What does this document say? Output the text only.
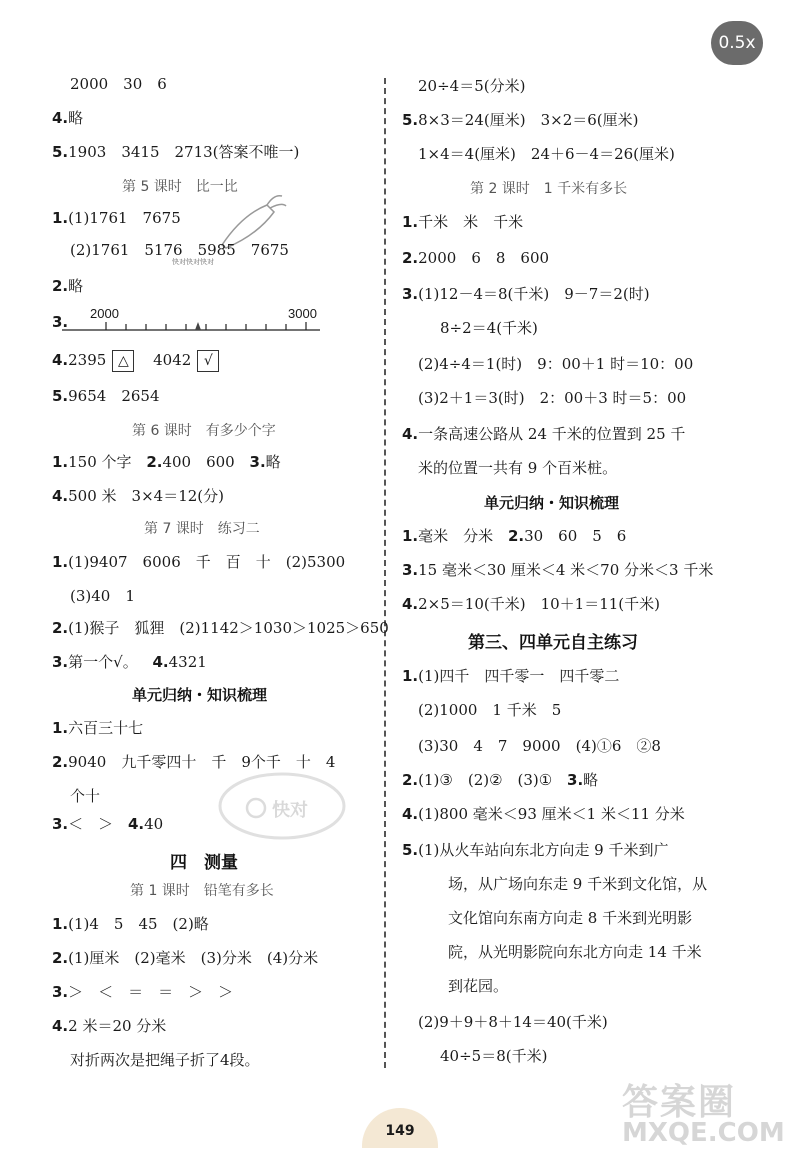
0.5x
2000　30　6
4.略
5.1903　3415　2713(答案不唯一)
第 5 课时　比一比
1.(1)1761　7675
(2)1761　5176　5985　7675
快对快对快对
2.略
3. 2000	3000
4.2395 △ 4042 √
5.9654　2654
第 6 课时　有多少个字
1.150 个字 2.400　600 3.略
4.500 米　3×4＝12(分)
第 7 课时　练习二
1.(1)9407　6006　千　百　十　(2)5300
(3)40　1
2.(1)猴子　狐狸　(2)1142＞1030＞1025＞650
3.第一个√。 4.4321
单元归纳・知识梳理
1.六百三十七
2.9040　九千零四十　千　9个千　十　4
个十
快对
3.＜　＞ 4.40
四　测量
第 1 课时　铅笔有多长
1.(1)4　5　45　(2)略
2.(1)厘米　(2)毫米　(3)分米　(4)分米
3.＞　＜　＝　＝　＞　＞
4.2 米＝20 分米
对折两次是把绳子折了4段。
20÷4＝5(分米)
5.8×3＝24(厘米)　3×2＝6(厘米)
1×4＝4(厘米)　24＋6－4＝26(厘米)
第 2 课时　1 千米有多长
1.千米　米　千米
2.2000　6　8　600
3.(1)12－4＝8(千米)　9－7＝2(时)
8÷2＝4(千米)
(2)4÷4＝1(时)　9：00＋1 时＝10：00
(3)2＋1＝3(时)　2：00＋3 时＝5：00
4.一条高速公路从 24 千米的位置到 25 千
米的位置一共有 9 个百米桩。
单元归纳・知识梳理
1.毫米　分米 2.30　60　5　6
3.15 毫米＜30 厘米＜4 米＜70 分米＜3 千米
4.2×5＝10(千米)　10＋1＝11(千米)
第三、四单元自主练习
1.(1)四千　四千零一　四千零二
(2)1000　1 千米　5
(3)30　4　7　9000　(4)①6　②8
2.(1)③　(2)②　(3)① 3.略
4.(1)800 毫米＜93 厘米＜1 米＜11 分米
5.(1)从火车站向东北方向走 9 千米到广
场，从广场向东走 9 千米到文化馆，从
文化馆向东南方向走 8 千米到光明影
院，从光明影院向东北方向走 14 千米
到花园。
(2)9＋9＋8＋14＝40(千米)
40÷5＝8(千米)
149
答案圈
MXQE.COM
